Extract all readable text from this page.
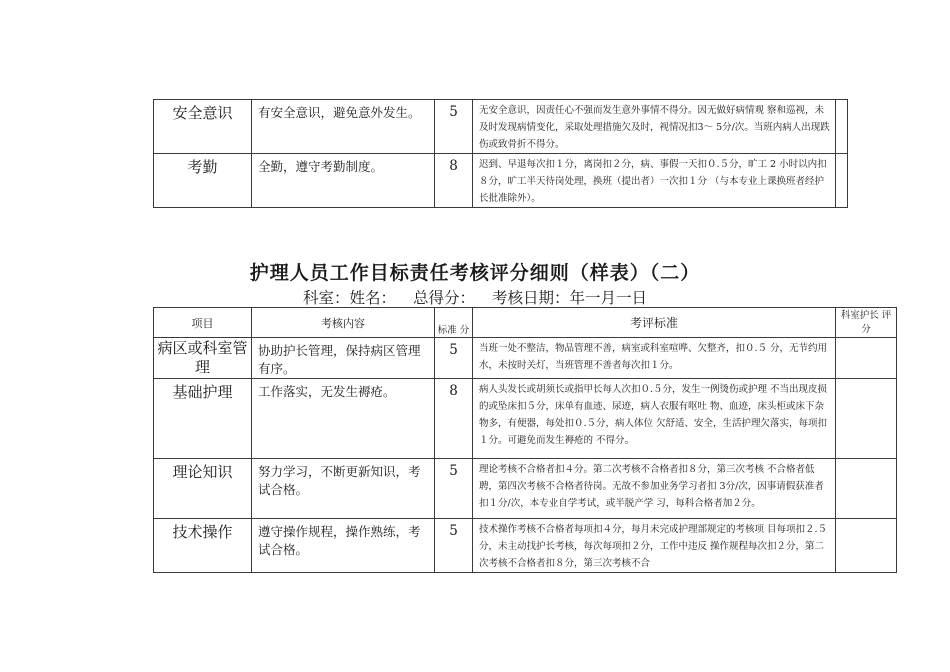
安全意识	有安全意识，避免意外发生。	5	无安全意识，因责任心不强而发生意外事情不得分。因无做好病情观 察和巡视，未及时发现病情变化，采取处理措施欠及时，视情况扣3～ 5分/次。当班内病人出现跌伤或致骨折不得分。	
考勤	全勤，遵守考勤制度。	8	迟到、早退每次扣１分，离岗扣２分，病、事假一天扣０.５分，旷工 2 小时以内扣８分，旷工半天待岗处理，换班（提出者）一次扣１分 （与本专业上课换班者经护长批准除外）。	
护理人员工作目标责任考核评分细则（样表）（二）
科室：姓名： 总得分： 考核日期：年一月一日
项目	考核内容	标准 分	考评标准	科室护长 评分
病区或科室管理	协助护长管理，保持病区管理有序。	5	当班一处不整洁，物品管理不善，病室或科室喧哗、欠整齐，扣０.５ 分，无节约用水，未按时关灯，当班管理不善者每次扣１分。	
基础护理	工作落实，无发生褥疮。	8	病人头发长或胡须长或指甲长每人次扣０.５分，发生一例烫伤或护理 不当出现皮损的或坠床扣５分，床单有血迹、尿迹，病人衣服有呕吐 物、血迹，床头柜或床下杂物多，有便器，每处扣０.５分，病人体位 欠舒适、安全，生活护理欠落实，每项扣１分。可避免而发生褥疮的 不得分。	
理论知识	努力学习，不断更新知识，考试合格。	5	理论考核不合格者扣４分。第二次考核不合格者扣８分，第三次考核 不合格者低聘，第四次考核不合格者待岗。无故不参加业务学习者扣 3分/次，因事请假获准者扣１分/次，本专业自学考试，或半脱产学 习，每科合格者加２分。	
技术操作	遵守操作规程，操作熟练，考试合格。	5	技术操作考核不合格者每项扣４分，每月未完成护理部规定的考核项 目每项扣２.５分，未主动找护长考核，每次每项扣２分，工作中违反 操作规程每次扣２分，第二次考核不合格者扣８分，第三次考核不合	
